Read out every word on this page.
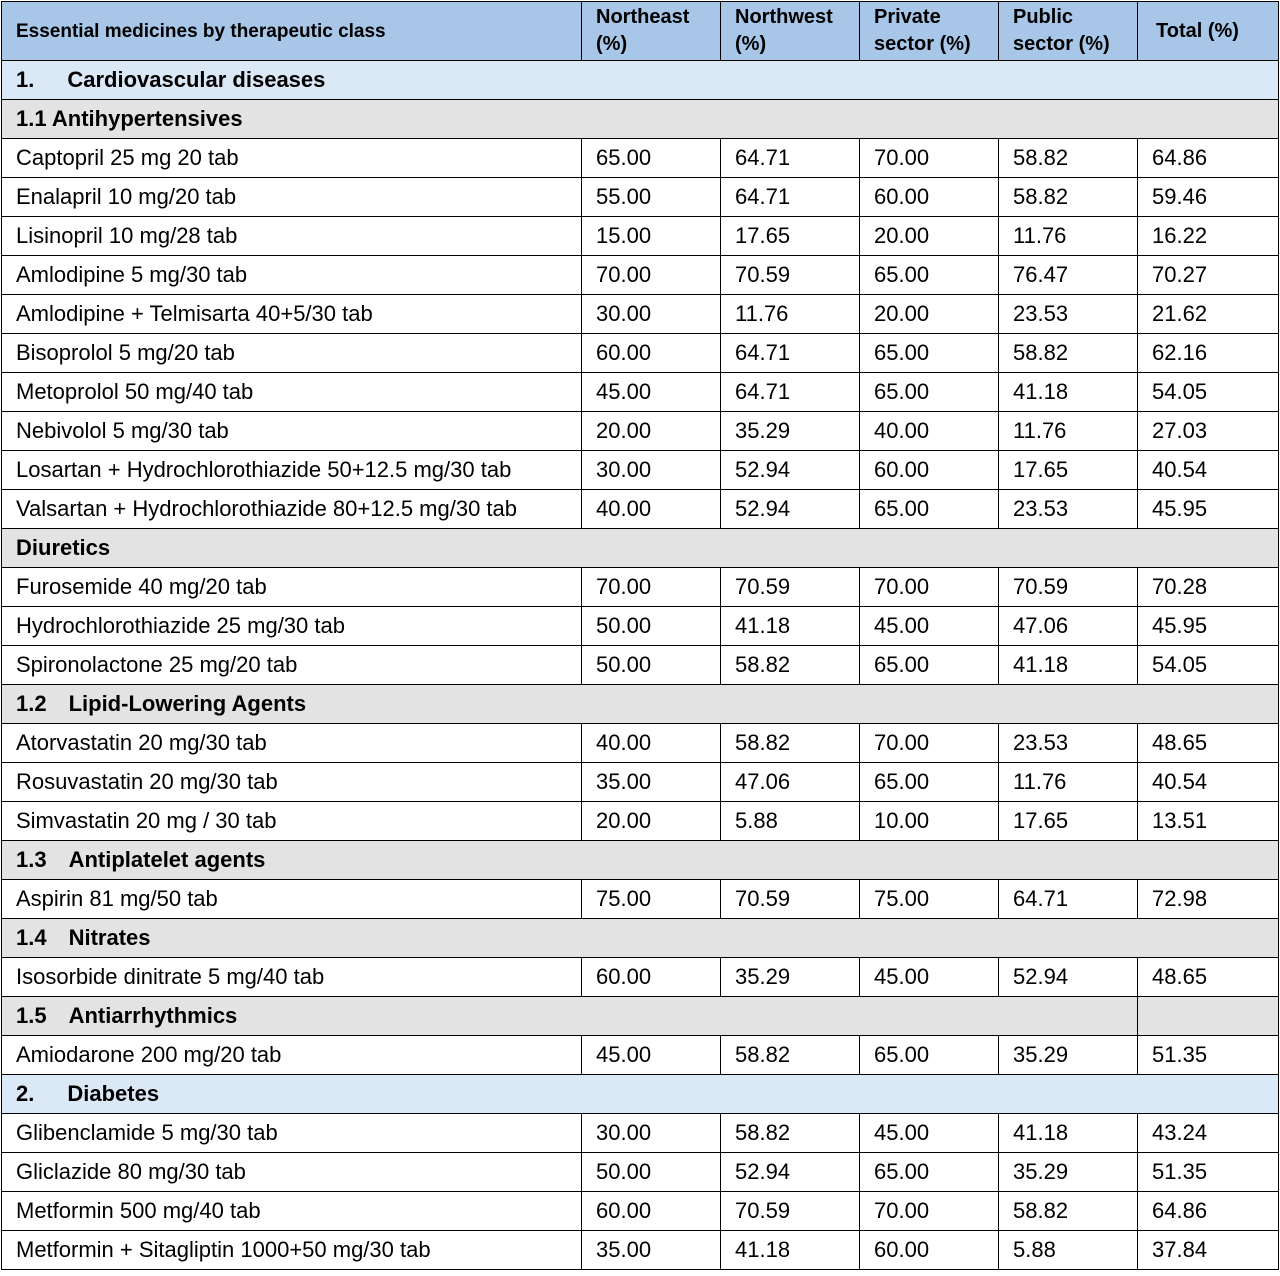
Essential medicines by therapeutic class	Northeast (%)	Northwest (%)	Private sector (%)	Public sector (%)	Total (%)
1.  Cardiovascular diseases					
1.1 Antihypertensives					
Captopril 25 mg 20 tab	65.00	64.71	70.00	58.82	64.86
Enalapril 10 mg/20 tab	55.00	64.71	60.00	58.82	59.46
Lisinopril 10 mg/28 tab	15.00	17.65	20.00	11.76	16.22
Amlodipine 5 mg/30 tab	70.00	70.59	65.00	76.47	70.27
Amlodipine + Telmisarta 40+5/30 tab	30.00	11.76	20.00	23.53	21.62
Bisoprolol 5 mg/20 tab	60.00	64.71	65.00	58.82	62.16
Metoprolol 50 mg/40 tab	45.00	64.71	65.00	41.18	54.05
Nebivolol 5 mg/30 tab	20.00	35.29	40.00	11.76	27.03
Losartan + Hydrochlorothiazide 50+12.5 mg/30 tab	30.00	52.94	60.00	17.65	40.54
Valsartan + Hydrochlorothiazide 80+12.5 mg/30 tab	40.00	52.94	65.00	23.53	45.95
Diuretics					
Furosemide 40 mg/20 tab	70.00	70.59	70.00	70.59	70.28
Hydrochlorothiazide 25 mg/30 tab	50.00	41.18	45.00	47.06	45.95
Spironolactone 25 mg/20 tab	50.00	58.82	65.00	41.18	54.05
1.2  Lipid-Lowering Agents					
Atorvastatin 20 mg/30 tab	40.00	58.82	70.00	23.53	48.65
Rosuvastatin 20 mg/30 tab	35.00	47.06	65.00	11.76	40.54
Simvastatin 20 mg / 30 tab	20.00	5.88	10.00	17.65	13.51
1.3  Antiplatelet agents					
Aspirin 81 mg/50 tab	75.00	70.59	75.00	64.71	72.98
1.4  Nitrates					
Isosorbide dinitrate 5 mg/40 tab	60.00	35.29	45.00	52.94	48.65
1.5  Antiarrhythmics					
Amiodarone 200 mg/20 tab	45.00	58.82	65.00	35.29	51.35
2.  Diabetes					
Glibenclamide 5 mg/30 tab	30.00	58.82	45.00	41.18	43.24
Gliclazide 80 mg/30 tab	50.00	52.94	65.00	35.29	51.35
Metformin 500 mg/40 tab	60.00	70.59	70.00	58.82	64.86
Metformin + Sitagliptin 1000+50 mg/30 tab	35.00	41.18	60.00	5.88	37.84
